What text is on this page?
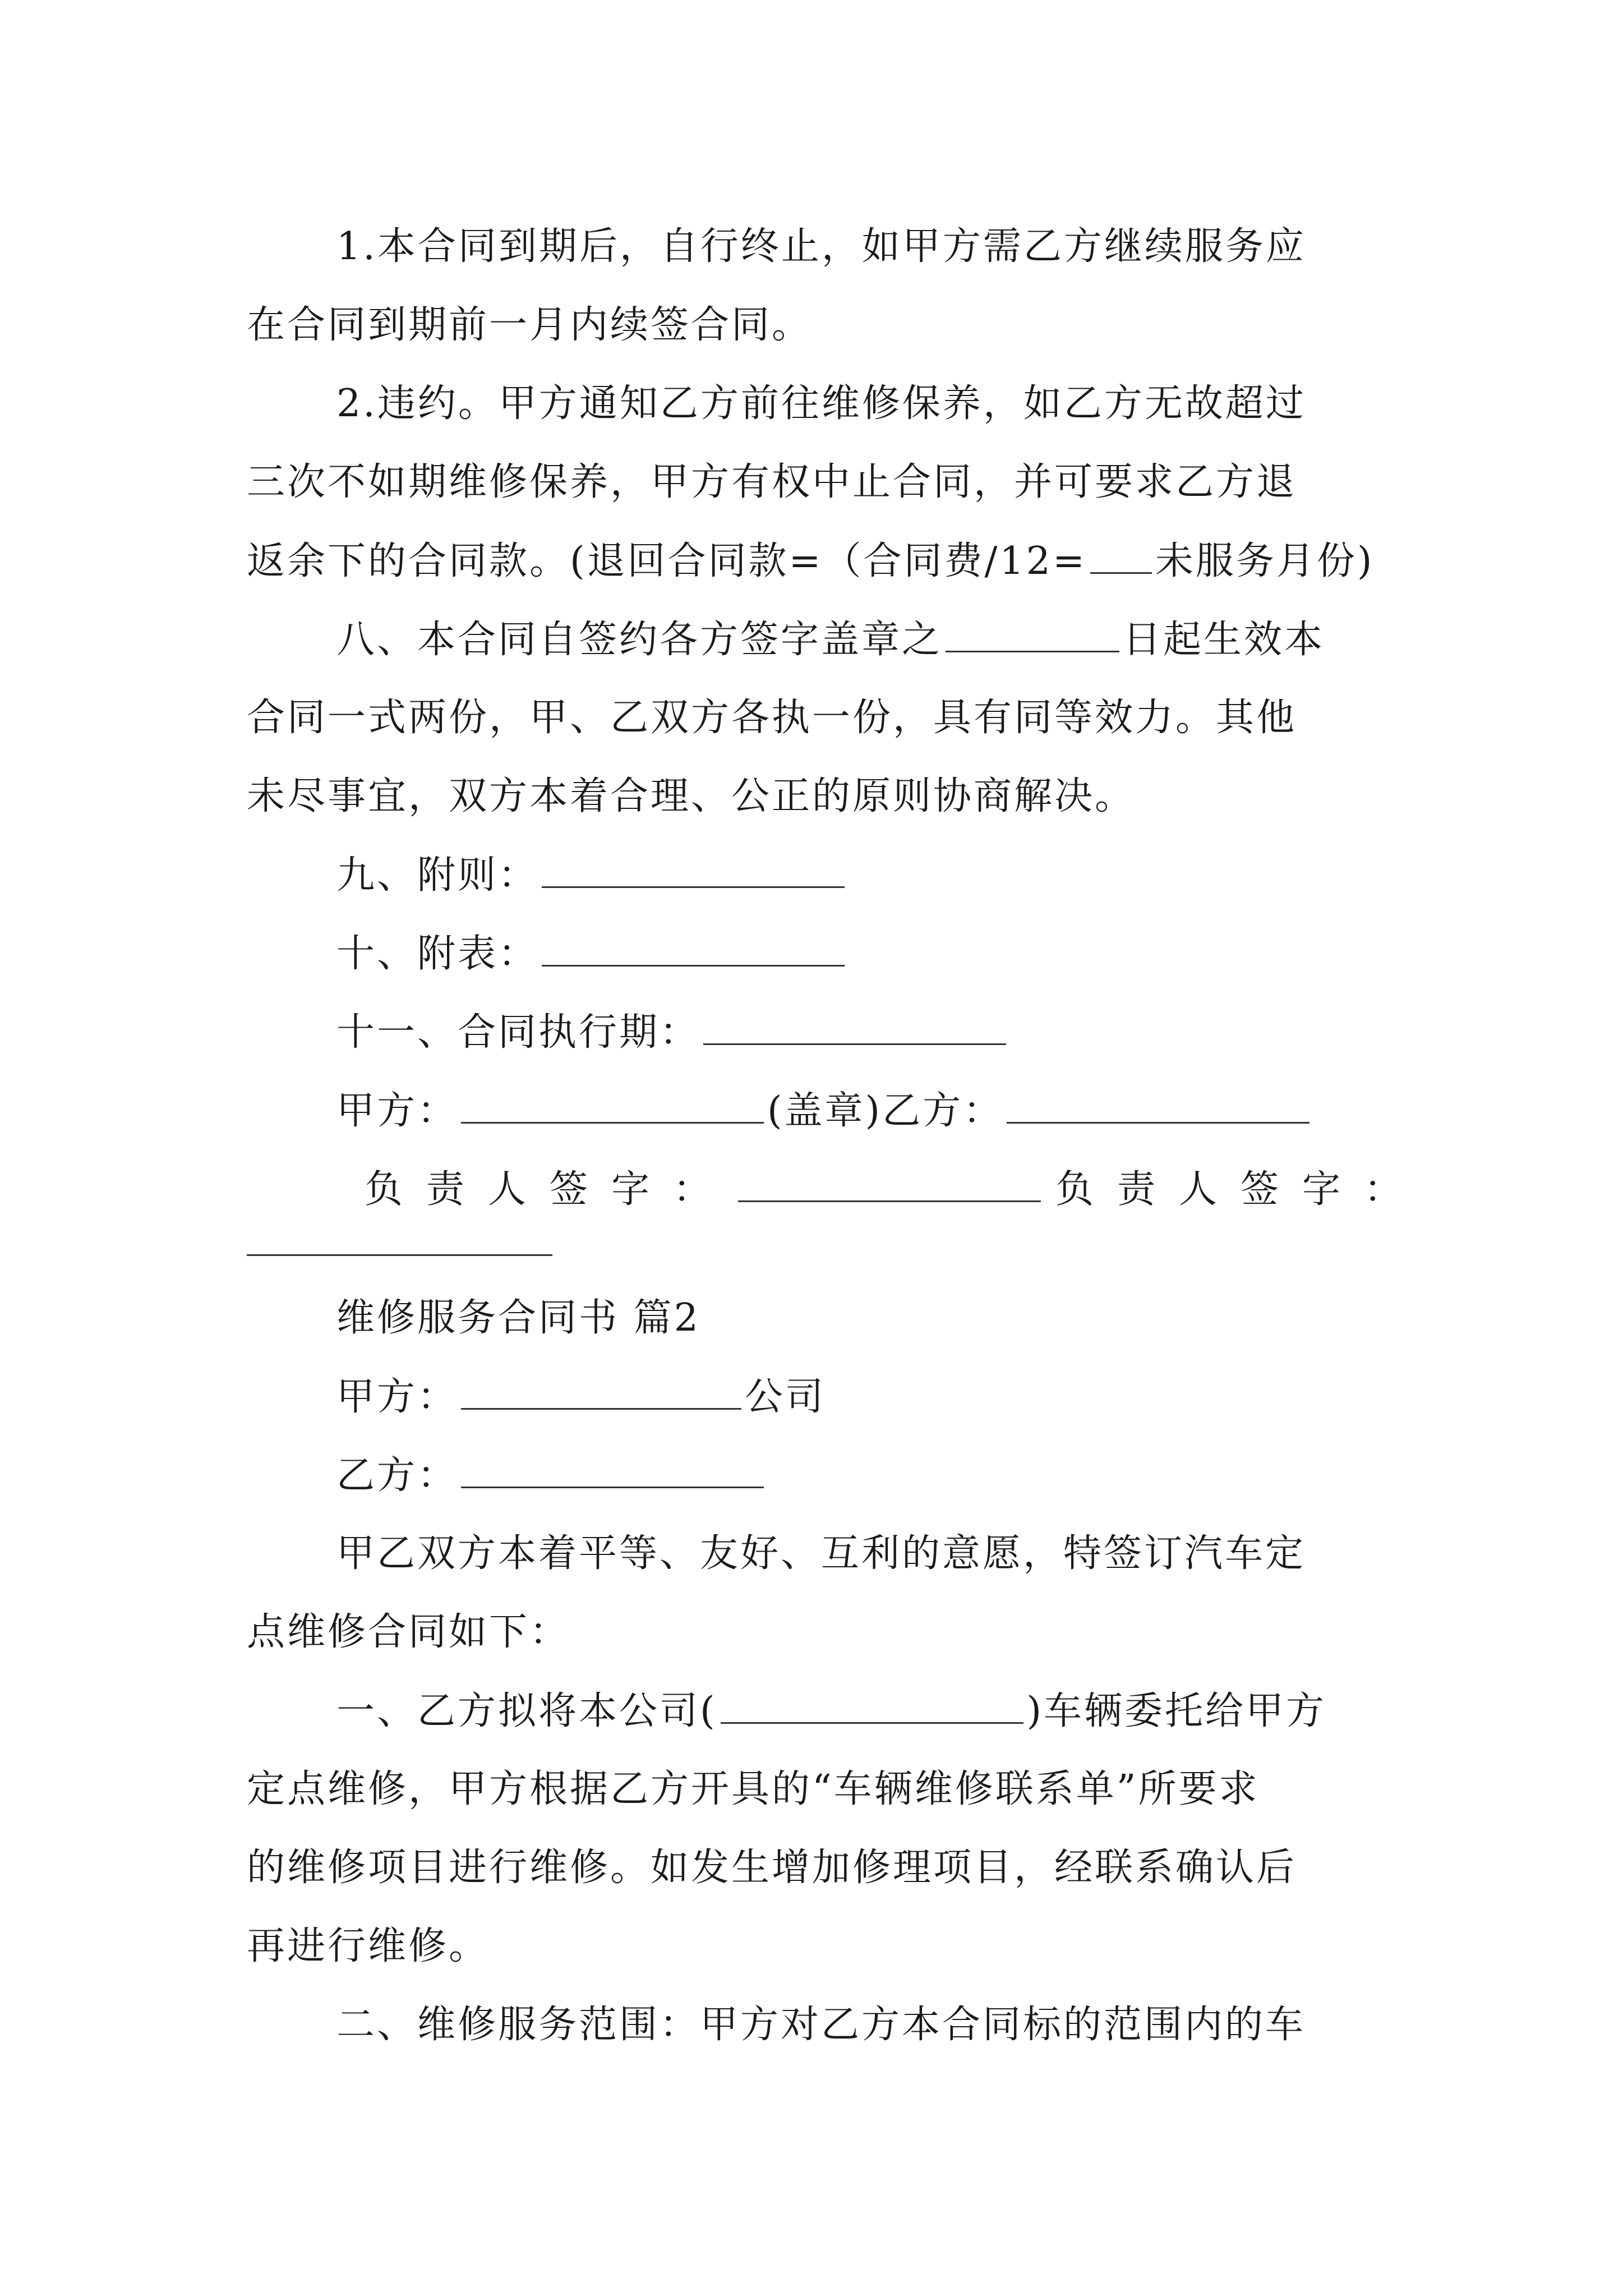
1.本合同到期后，自行终止，如甲方需乙方继续服务应
在合同到期前一月内续签合同。
2.违约。甲方通知乙方前往维修保养，如乙方无故超过
三次不如期维修保养，甲方有权中止合同，并可要求乙方退
返余下的合同款。(退回合同款=（合同费/12= 未服务月份)
八、本合同自签约各方签字盖章之	日起生效本
合同一式两份，甲、乙双方各执一份，具有同等效力。其他
未尽事宜，双方本着合理、公正的原则协商解决。
九、附则：
十、附表：
十一、合同执行期：
甲方：	(盖章)乙方：
负责人签字：	负责人签字：
维修服务合同书 篇2
甲方：	公司
乙方：
甲乙双方本着平等、友好、互利的意愿，特签订汽车定
点维修合同如下：
一、乙方拟将本公司(	)车辆委托给甲方
定点维修，甲方根据乙方开具的“车辆维修联系单”所要求
的维修项目进行维修。如发生增加修理项目，经联系确认后
再进行维修。
二、维修服务范围：甲方对乙方本合同标的范围内的车
